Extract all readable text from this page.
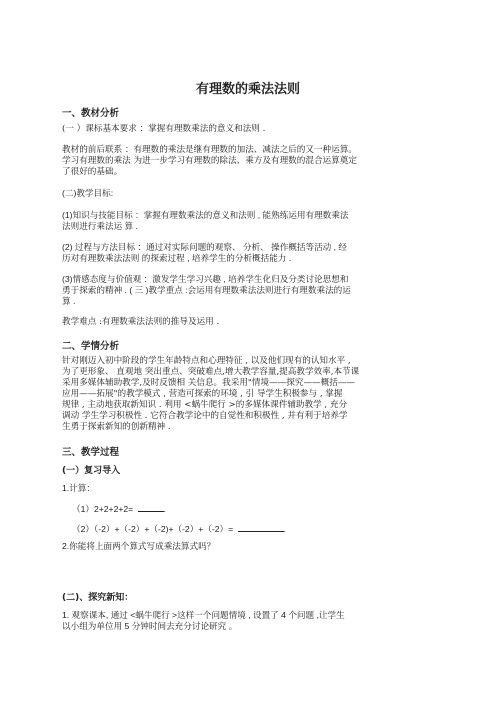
有理数的乘法法则
一、教材分析
(一 ）课标基本要求 ：掌握有理数乘法的意义和法则 .
教材的前后联系 ：有理数的乘法是继有理数的加法、减法之后的又一种运算。
学习有理数的乘法 为进一步学习有理数的除法、乘方及有理数的混合运算奠定
了很好的基础。
(二)教学目标:
(1)知识与技能目标 ：掌握有理数乘法的意义和法则 , 能熟练运用有理数乘法
法则进行乘法运 算 .
(2) 过程与方法目标 ：通过对实际问题的观察、 分析、 操作概括等活动 , 经
历对有理数乘法法则 的探索过程 , 培养学生的分析概括能力 .
(3)情感态度与价值观 ：激发学生学习兴趣 , 培养学生化归及分类讨论思想和
勇于探索的精神 . ( 三 )教学重点 :会运用有理数乘法法则进行有理数乘法的运
算 .
教学难点 :有理数乘法法则的推导及运用 .
二、学情分析
针对刚迈入初中阶段的学生年龄特点和心理特征 , 以及他们现有的认知水平 ,
为了更形象、 直观地 突出重点、突破难点,增大教学容量,提高教学效率,本节课
采用多媒体辅助教学,及时反馈相 关信息。我采用"情境——探究——概括——
应用——拓展"的教学模式 , 营造可探索的环境 , 引 导学生积极参与 , 掌握
规律 , 主动地获取新知识 . 利用 <蜗牛爬行 >的多媒体课件辅助教学 , 充分
调动 学生学习积极性 . 它符合教学论中的自觉性和积极性 , 并有利于培养学
生勇于探索新知的创新精神 .
三、教学过程
(一）复习导入
1.计算：
（1）2+2+2+2=	.
（2）（-2）+（-2）+（-2)+（-2）+（-2）=	.
2.你能将上面两个算式写成乘法算式吗？
(二)、探究新知：
1. 观察课本, 通过 <蜗牛爬行 >这样一个问题情境 , 设置了 4 个问题 ,让学生
以小组为单位用 5 分钟时间去充分讨论研究 。
